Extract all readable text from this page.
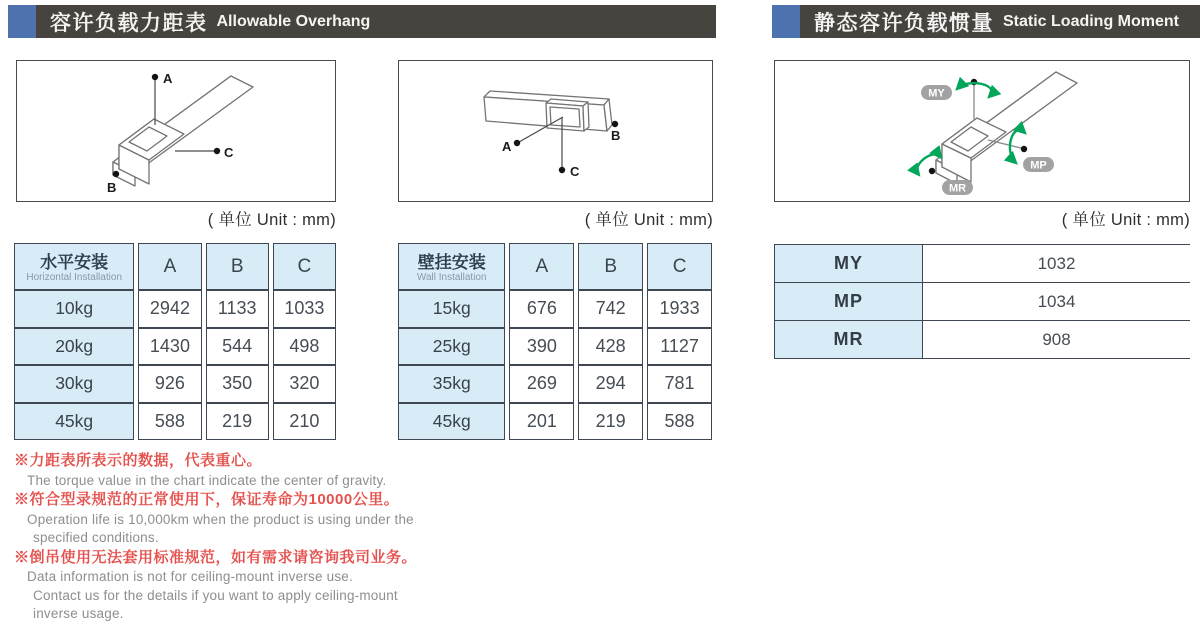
容许负载力距表 Allowable Overhang	静态容许负载惯量 Static Loading Moment
A
B
C
( 单位 Unit : mm)
A
B
C
( 单位 Unit : mm)
MY
MP
MR
( 单位 Unit : mm)
水平安装
Horizontal Installation	A	B	C
10kg	2942	1133	1033
20kg	1430	544	498
30kg	926	350	320
45kg	588	219	210
壁挂安装
Wall Installation	A	B	C
15kg	676	742	1933
25kg	390	428	1127
35kg	269	294	781
45kg	201	219	588
MY	1032
MP	1034
MR	908
※力距表所表示的数据，代表重心。
The torque value in the chart indicate the center of gravity.
※符合型录规范的正常使用下，保证寿命为10000公里。
Operation life is 10,000km when the product is using under the
specified conditions.
※倒吊使用无法套用标准规范，如有需求请咨询我司业务。
Data information is not for ceiling-mount inverse use.
Contact us for the details if you want to apply ceiling-mount
inverse usage.
